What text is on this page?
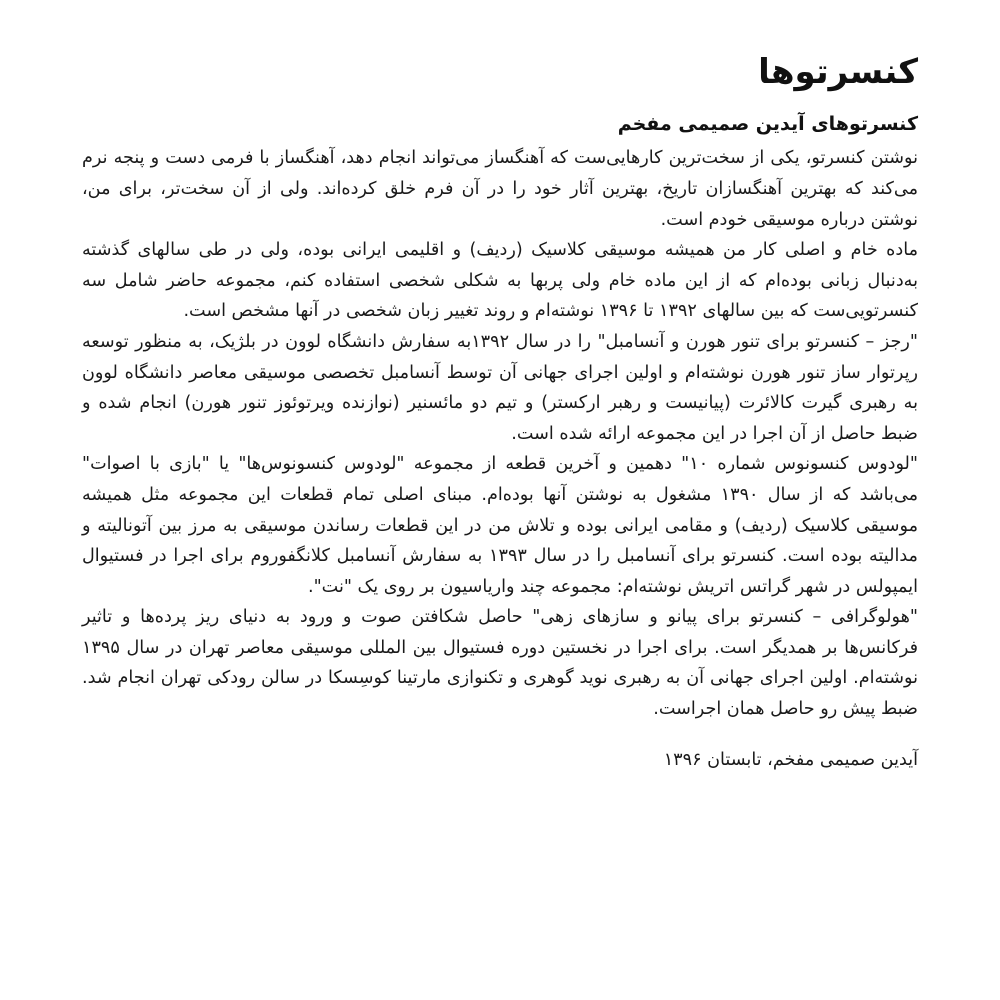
کنسرتوها
کنسرتوهای آیدین صمیمی مفخم

نوشتن کنسرتو، یکی از سخت‌ترین کارهایی‌ست که آهنگساز می‌تواند انجام دهد، آهنگساز با فرمی دست و پنجه نرم می‌کند که بهترین آهنگسازان تاریخ، بهترین آثار خود را در آن فرم خلق کرده‌اند. ولی از آن سخت‌تر، برای من، نوشتن درباره موسیقی خودم است.

ماده خام و اصلی کار من همیشه موسیقی کلاسیک (ردیف) و اقلیمی ایرانی بوده، ولی در طی سالهای گذشته به‌دنبال زبانی بوده‌ام که از این ماده خام ولی پربها به شکلی شخصی استفاده کنم، مجموعه حاضر شامل سه کنسرتویی‌ست که بین سالهای ۱۳۹۲ تا ۱۳۹۶ نوشته‌ام و روند تغییر زبان شخصی در آنها مشخص است.

"رجز – کنسرتو برای تنور هورن و آنسامبل" را در سال ۱۳۹۲به سفارش دانشگاه لوون در بلژیک، به منظور توسعه رپرتوار ساز تنور هورن نوشته‌ام و اولین اجرای جهانی آن توسط آنسامبل تخصصی موسیقی معاصر دانشگاه لوون به رهبری گیرت کالائرت (پیانیست و رهبر ارکستر) و تیم دو مائسنیر (نوازنده ویرتوئوز تنور هورن) انجام شده و ضبط حاصل از آن اجرا در این مجموعه ارائه شده است.

"لودوس کنسونوس شماره ۱۰" دهمین و آخرین قطعه از مجموعه "لودوس کنسونوس‌ها" یا "بازی با اصوات" می‌باشد که از سال ۱۳۹۰ مشغول به نوشتن آنها بوده‌ام. مبنای اصلی تمام قطعات این مجموعه مثل همیشه موسیقی کلاسیک (ردیف) و مقامی ایرانی بوده و تلاش من در این قطعات رساندن موسیقی به مرز بین آتونالیته و مدالیته بوده است. کنسرتو برای آنسامبل را در سال ۱۳۹۳ به سفارش آنسامبل کلانگفوروم برای اجرا در فستیوال ایمپولس در شهر گراتس اتریش نوشته‌ام: مجموعه چند واریاسیون بر روی یک "نت".

"هولوگرافی – کنسرتو برای پیانو و سازهای زهی" حاصل شکافتن صوت و ورود به دنیای ریز پرده‌ها و تاثیر فرکانس‌ها بر همدیگر است. برای اجرا در نخستین دوره فستیوال بین المللی موسیقی معاصر تهران در سال ۱۳۹۵ نوشته‌ام. اولین اجرای جهانی آن به رهبری نوید گوهری و تکنوازی مارتینا کوسِسکا در سالن رودکی تهران انجام شد. ضبط پیش رو حاصل همان اجراست.

آیدین صمیمی مفخم، تابستان ۱۳۹۶
